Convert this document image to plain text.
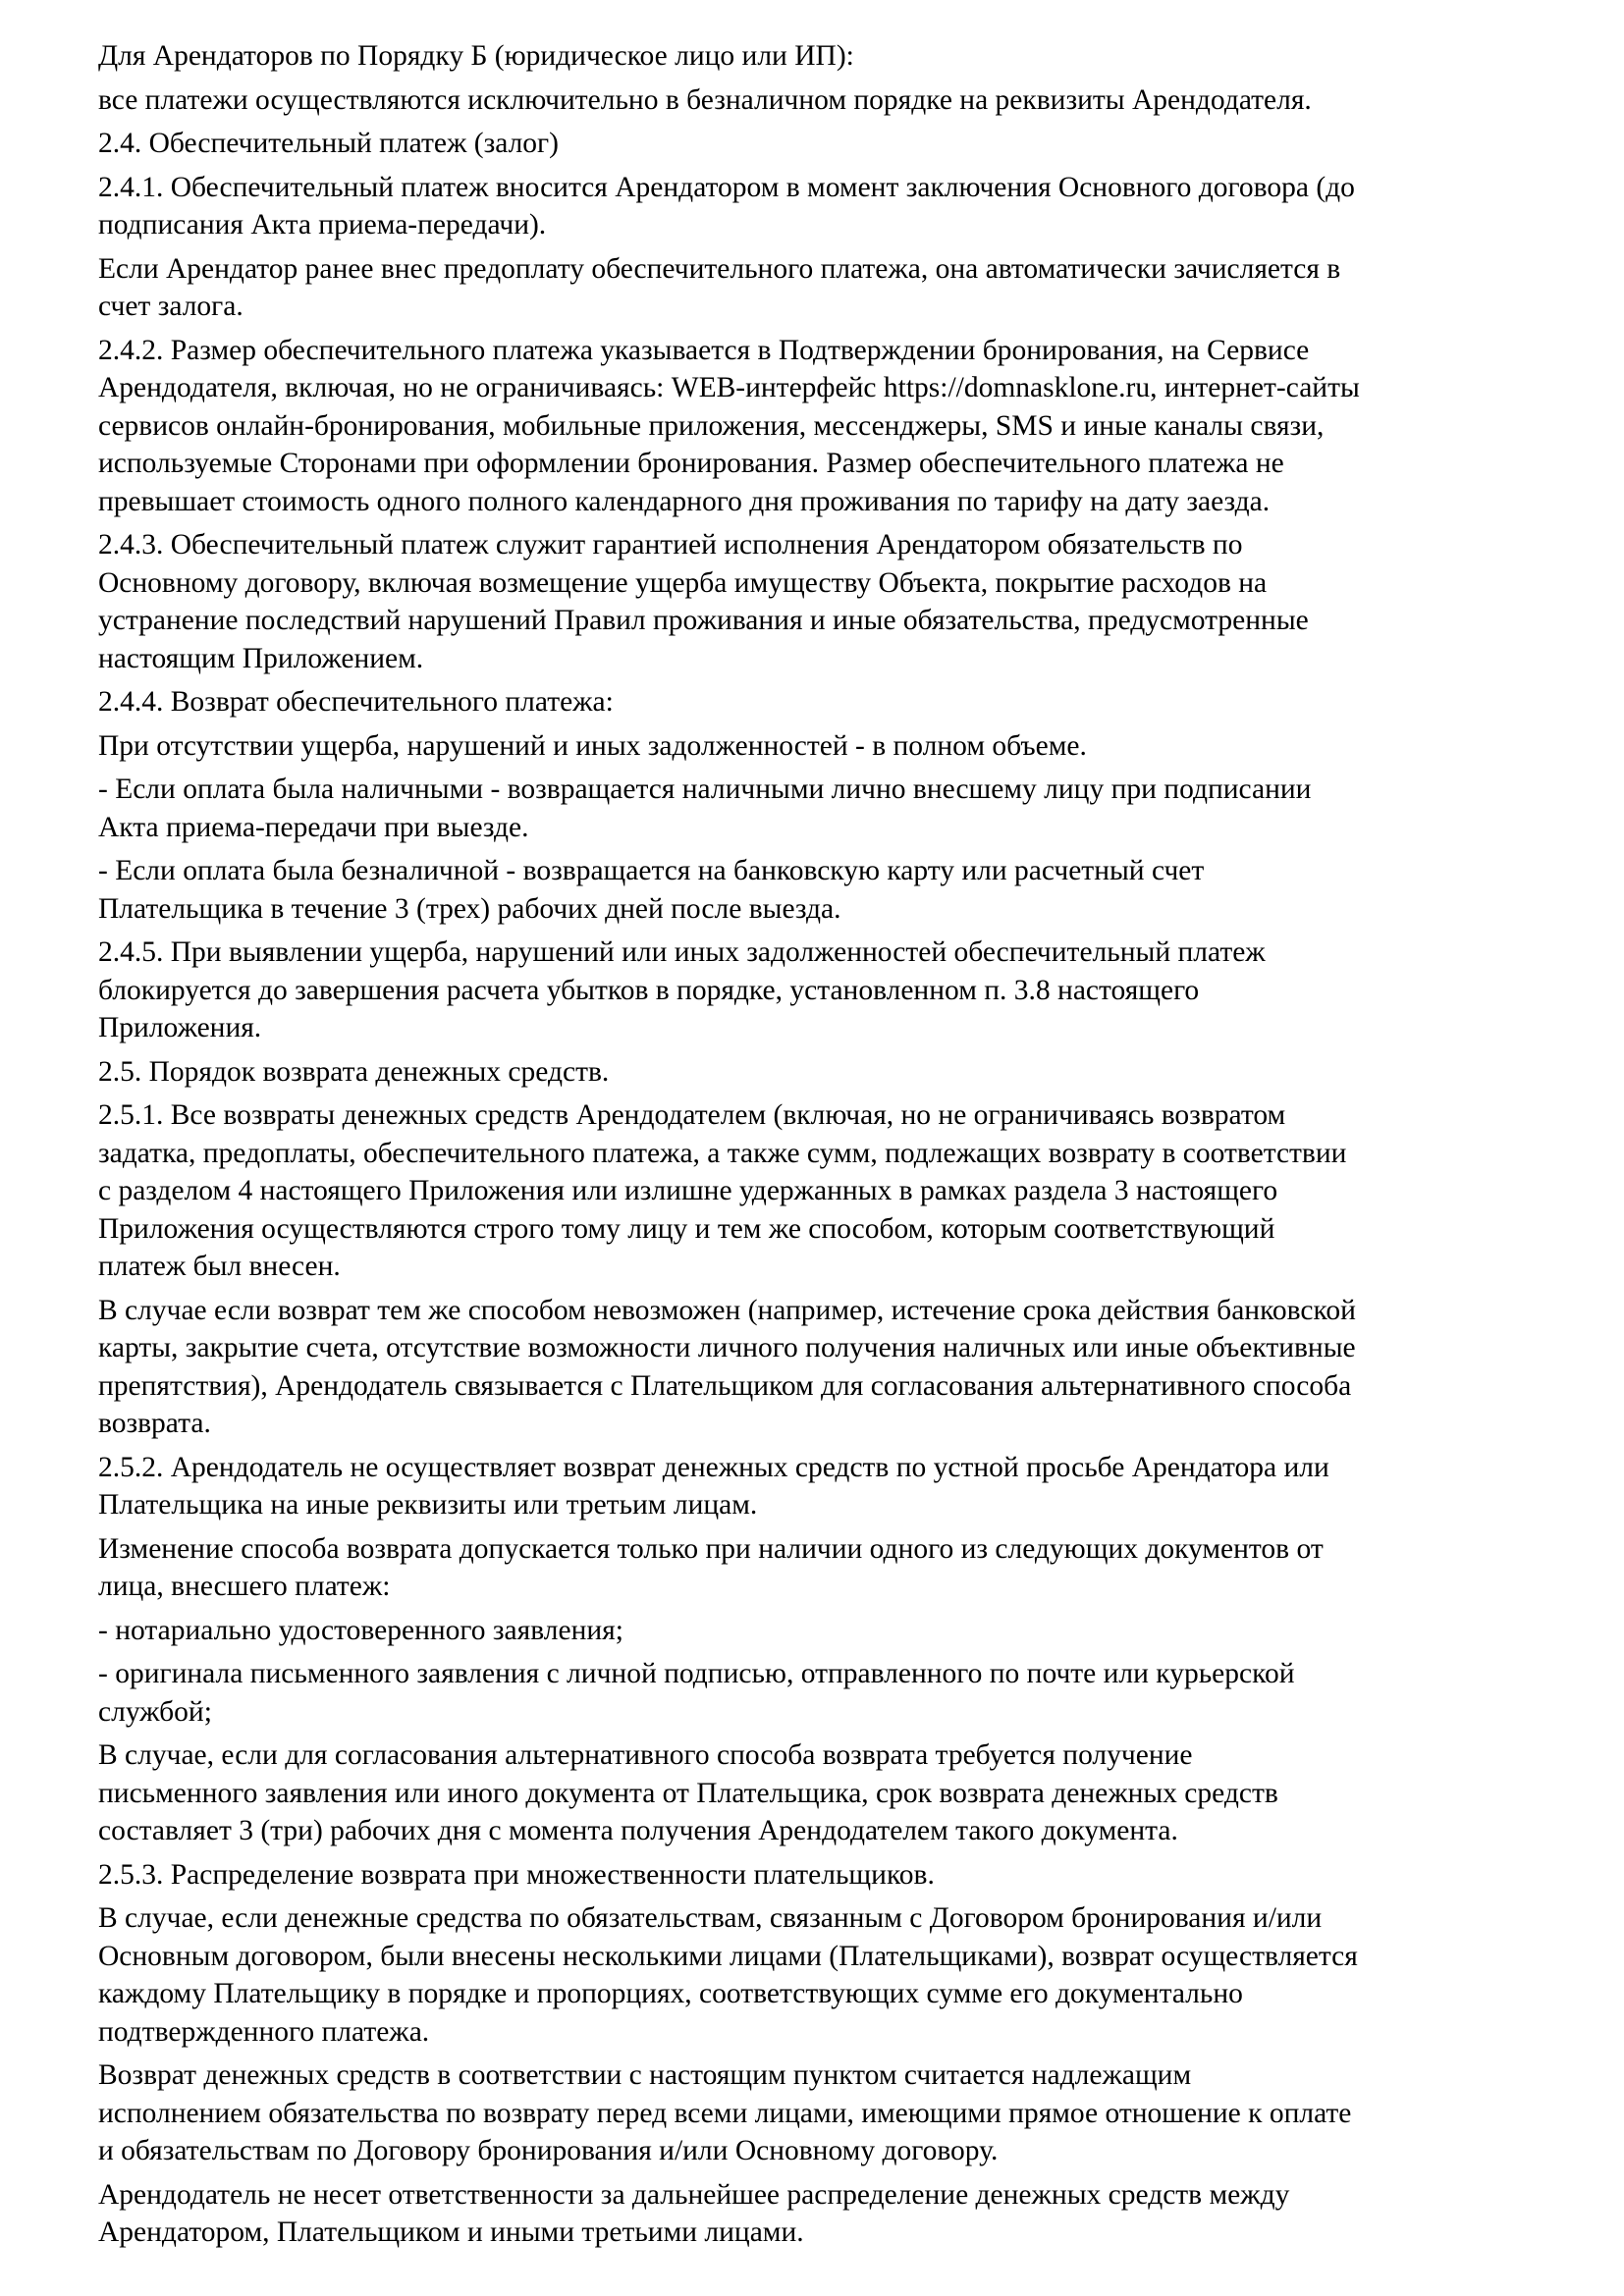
Для Арендаторов по Порядку Б (юридическое лицо или ИП):

все платежи осуществляются исключительно в безналичном порядке на реквизиты Арендодателя.

2.4. Обеспечительный платеж (залог)

2.4.1. Обеспечительный платеж вносится Арендатором в момент заключения Основного договора (до
подписания Акта приема-передачи).

Если Арендатор ранее внес предоплату обеспечительного платежа, она автоматически зачисляется в
счет залога.

2.4.2. Размер обеспечительного платежа указывается в Подтверждении бронирования, на Сервисе
Арендодателя, включая, но не ограничиваясь: WEB-интерфейс https://domnasklone.ru, интернет-сайты
сервисов онлайн-бронирования, мобильные приложения, мессенджеры, SMS и иные каналы связи,
используемые Сторонами при оформлении бронирования. Размер обеспечительного платежа не
превышает стоимость одного полного календарного дня проживания по тарифу на дату заезда.

2.4.3. Обеспечительный платеж служит гарантией исполнения Арендатором обязательств по
Основному договору, включая возмещение ущерба имуществу Объекта, покрытие расходов на
устранение последствий нарушений Правил проживания и иные обязательства, предусмотренные
настоящим Приложением.

2.4.4. Возврат обеспечительного платежа:

При отсутствии ущерба, нарушений и иных задолженностей - в полном объеме.

- Если оплата была наличными - возвращается наличными лично внесшему лицу при подписании
Акта приема-передачи при выезде.

- Если оплата была безналичной - возвращается на банковскую карту или расчетный счет
Плательщика в течение 3 (трех) рабочих дней после выезда.

2.4.5. При выявлении ущерба, нарушений или иных задолженностей обеспечительный платеж
блокируется до завершения расчета убытков в порядке, установленном п. 3.8 настоящего
Приложения.

2.5. Порядок возврата денежных средств.

2.5.1. Все возвраты денежных средств Арендодателем (включая, но не ограничиваясь возвратом
задатка, предоплаты, обеспечительного платежа, а также сумм, подлежащих возврату в соответствии
с разделом 4 настоящего Приложения или излишне удержанных в рамках раздела 3 настоящего
Приложения осуществляются строго тому лицу и тем же способом, которым соответствующий
платеж был внесен.

В случае если возврат тем же способом невозможен (например, истечение срока действия банковской
карты, закрытие счета, отсутствие возможности личного получения наличных или иные объективные
препятствия), Арендодатель связывается с Плательщиком для согласования альтернативного способа
возврата.

2.5.2. Арендодатель не осуществляет возврат денежных средств по устной просьбе Арендатора или
Плательщика на иные реквизиты или третьим лицам.

Изменение способа возврата допускается только при наличии одного из следующих документов от
лица, внесшего платеж:

- нотариально удостоверенного заявления;

- оригинала письменного заявления с личной подписью, отправленного по почте или курьерской
службой;

В случае, если для согласования альтернативного способа возврата требуется получение
письменного заявления или иного документа от Плательщика, срок возврата денежных средств
составляет 3 (три) рабочих дня с момента получения Арендодателем такого документа.

2.5.3. Распределение возврата при множественности плательщиков.

В случае, если денежные средства по обязательствам, связанным с Договором бронирования и/или
Основным договором, были внесены несколькими лицами (Плательщиками), возврат осуществляется
каждому Плательщику в порядке и пропорциях, соответствующих сумме его документально
подтвержденного платежа.

Возврат денежных средств в соответствии с настоящим пунктом считается надлежащим
исполнением обязательства по возврату перед всеми лицами, имеющими прямое отношение к оплате
и обязательствам по Договору бронирования и/или Основному договору.

Арендодатель не несет ответственности за дальнейшее распределение денежных средств между
Арендатором, Плательщиком и иными третьими лицами.
